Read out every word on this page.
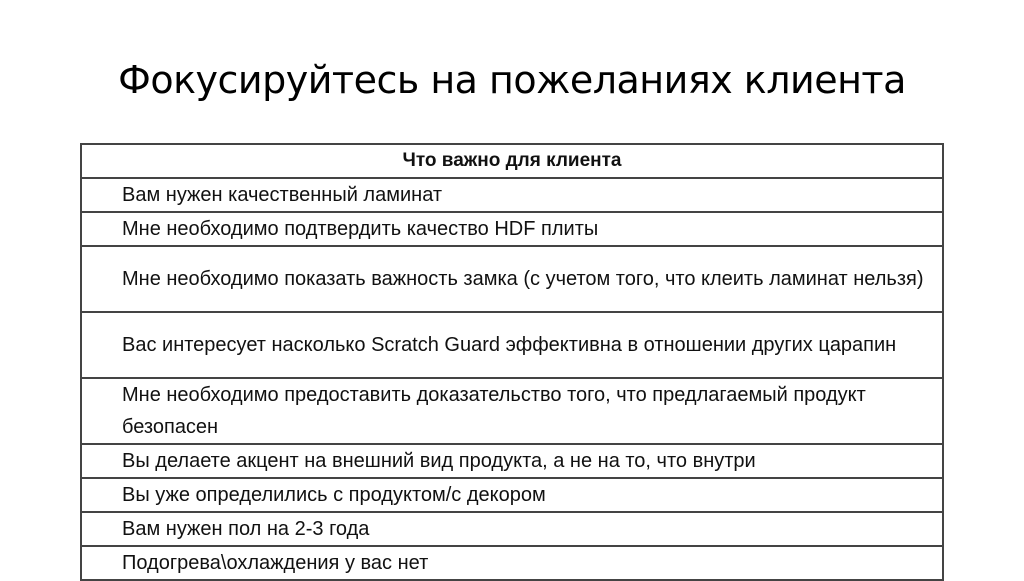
Фокусируйтесь на пожеланиях клиента
Что важно для клиента
Вам нужен качественный ламинат
Мне необходимо подтвердить качество HDF плиты
Мне необходимо показать важность замка (с учетом того, что клеить ламинат нельзя)
Вас интересует насколько Scratch Guard эффективна в отношении других царапин
Мне необходимо предоставить доказательство того, что предлагаемый продукт безопасен
Вы делаете акцент на внешний вид продукта, а не на то, что внутри
Вы уже определились с продуктом/с декором
Вам нужен пол на 2-3 года
Подогрева\охлаждения у вас нет
